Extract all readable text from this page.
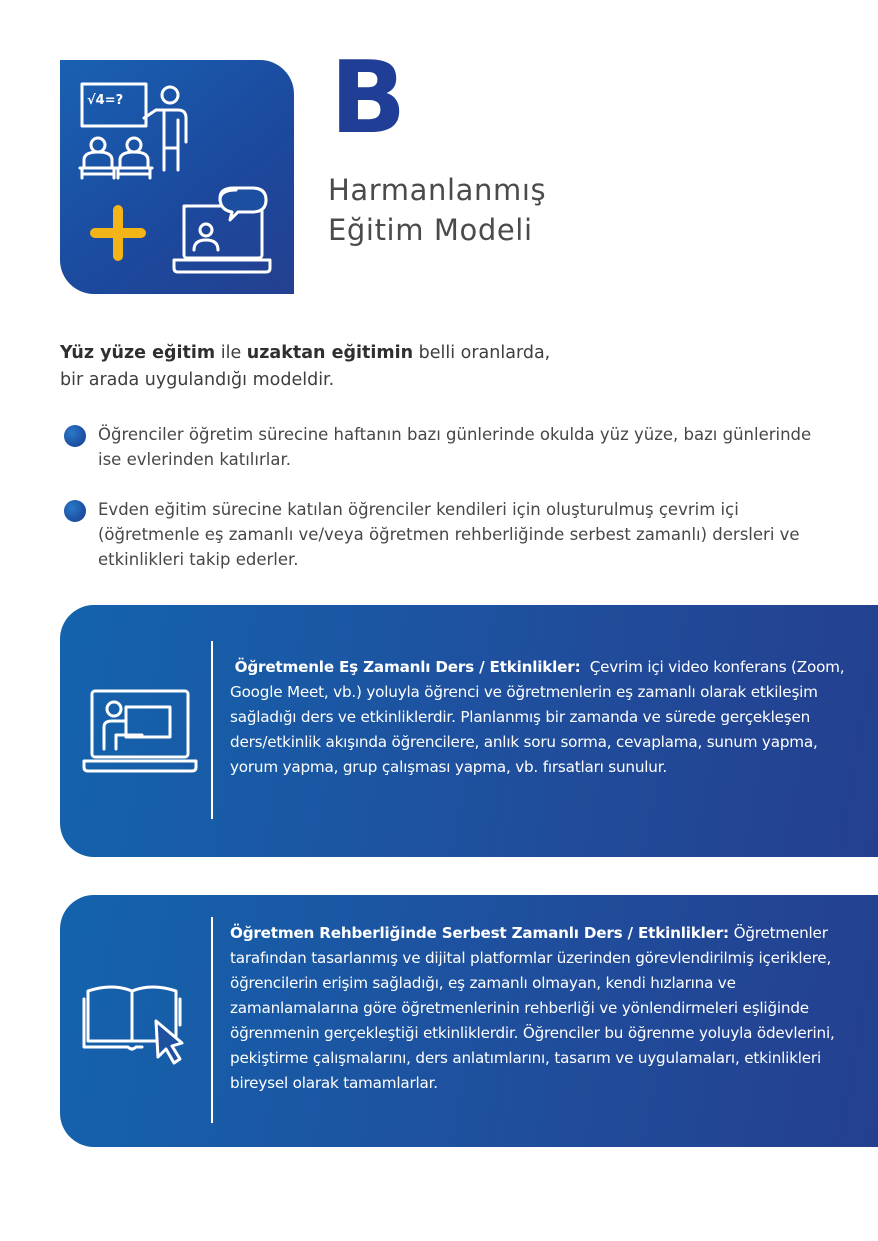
√4=? B
Harmanlanmış
Eğitim Modeli
Yüz yüze eğitim ile uzaktan eğitimin belli oranlarda,
bir arada uygulandığı modeldir.
Öğrenciler öğretim sürecine haftanın bazı günlerinde okulda yüz yüze, bazı günlerinde ise evlerinden katılırlar.
Evden eğitim sürecine katılan öğrenciler kendileri için oluşturulmuş çevrim içi (öğretmenle eş zamanlı ve/veya öğretmen rehberliğinde serbest zamanlı) dersleri ve etkinlikleri takip ederler.
Öğretmenle Eş Zamanlı Ders / Etkinlikler: Çevrim içi video konferans (Zoom, Google Meet, vb.) yoluyla öğrenci ve öğretmenlerin eş zamanlı olarak etkileşim sağladığı ders ve etkinliklerdir. Planlanmış bir zamanda ve sürede gerçekleşen ders/etkinlik akışında öğrencilere, anlık soru sorma, cevaplama, sunum yapma, yorum yapma, grup çalışması yapma, vb. fırsatları sunulur.
Öğretmen Rehberliğinde Serbest Zamanlı Ders / Etkinlikler: Öğretmenler tarafından tasarlanmış ve dijital platformlar üzerinden görevlendirilmiş içeriklere, öğrencilerin erişim sağladığı, eş zamanlı olmayan, kendi hızlarına ve zamanlamalarına göre öğretmenlerinin rehberliği ve yönlendirmeleri eşliğinde öğrenmenin gerçekleştiği etkinliklerdir. Öğrenciler bu öğrenme yoluyla ödevlerini, pekiştirme çalışmalarını, ders anlatımlarını, tasarım ve uygulamaları, etkinlikleri bireysel olarak tamamlarlar.
